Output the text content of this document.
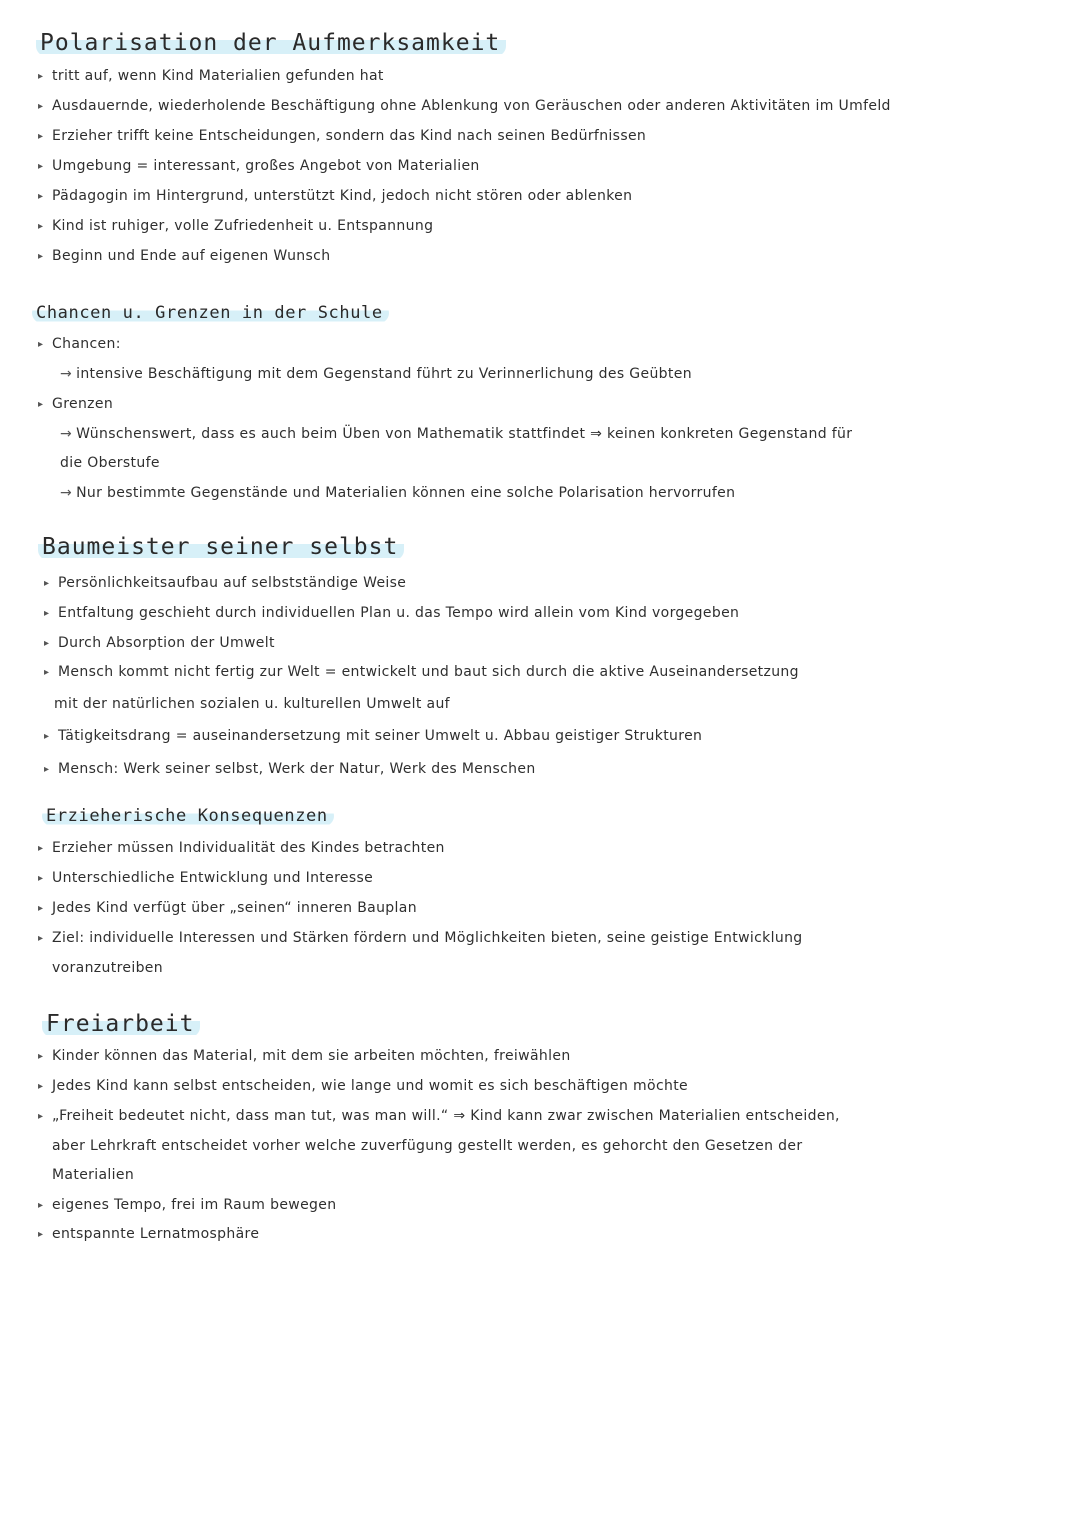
Polarisation der Aufmerksamkeit
▸ tritt auf, wenn Kind Materialien gefunden hat
▸ Ausdauernde, wiederholende Beschäftigung ohne Ablenkung von Geräuschen oder anderen Aktivitäten im Umfeld
▸ Erzieher trifft keine Entscheidungen, sondern das Kind nach seinen Bedürfnissen
▸ Umgebung = interessant, großes Angebot von Materialien
▸ Pädagogin im Hintergrund, unterstützt Kind, jedoch nicht stören oder ablenken
▸ Kind ist ruhiger, volle Zufriedenheit u. Entspannung
▸ Beginn und Ende auf eigenen Wunsch
Chancen u. Grenzen in der Schule
▸ Chancen:
→ intensive Beschäftigung mit dem Gegenstand führt zu Verinnerlichung des Geübten
▸ Grenzen
→ Wünschenswert, dass es auch beim Üben von Mathematik stattfindet ⇒ keinen konkreten Gegenstand für
die Oberstufe
→ Nur bestimmte Gegenstände und Materialien können eine solche Polarisation hervorrufen
Baumeister seiner selbst
▸ Persönlichkeitsaufbau auf selbstständige Weise
▸ Entfaltung geschieht durch individuellen Plan u. das Tempo wird allein vom Kind vorgegeben
▸ Durch Absorption der Umwelt
▸ Mensch kommt nicht fertig zur Welt = entwickelt und baut sich durch die aktive Auseinandersetzung
mit der natürlichen sozialen u. kulturellen Umwelt auf
▸ Tätigkeitsdrang = auseinandersetzung mit seiner Umwelt u. Abbau geistiger Strukturen
▸ Mensch: Werk seiner selbst, Werk der Natur, Werk des Menschen
Erzieherische Konsequenzen
▸ Erzieher müssen Individualität des Kindes betrachten
▸ Unterschiedliche Entwicklung und Interesse
▸ Jedes Kind verfügt über „seinen“ inneren Bauplan
▸ Ziel: individuelle Interessen und Stärken fördern und Möglichkeiten bieten, seine geistige Entwicklung
voranzutreiben
Freiarbeit
▸ Kinder können das Material, mit dem sie arbeiten möchten, freiwählen
▸ Jedes Kind kann selbst entscheiden, wie lange und womit es sich beschäftigen möchte
▸ „Freiheit bedeutet nicht, dass man tut, was man will.“ ⇒ Kind kann zwar zwischen Materialien entscheiden,
aber Lehrkraft entscheidet vorher welche zuverfügung gestellt werden, es gehorcht den Gesetzen der
Materialien
▸ eigenes Tempo, frei im Raum bewegen
▸ entspannte Lernatmosphäre
